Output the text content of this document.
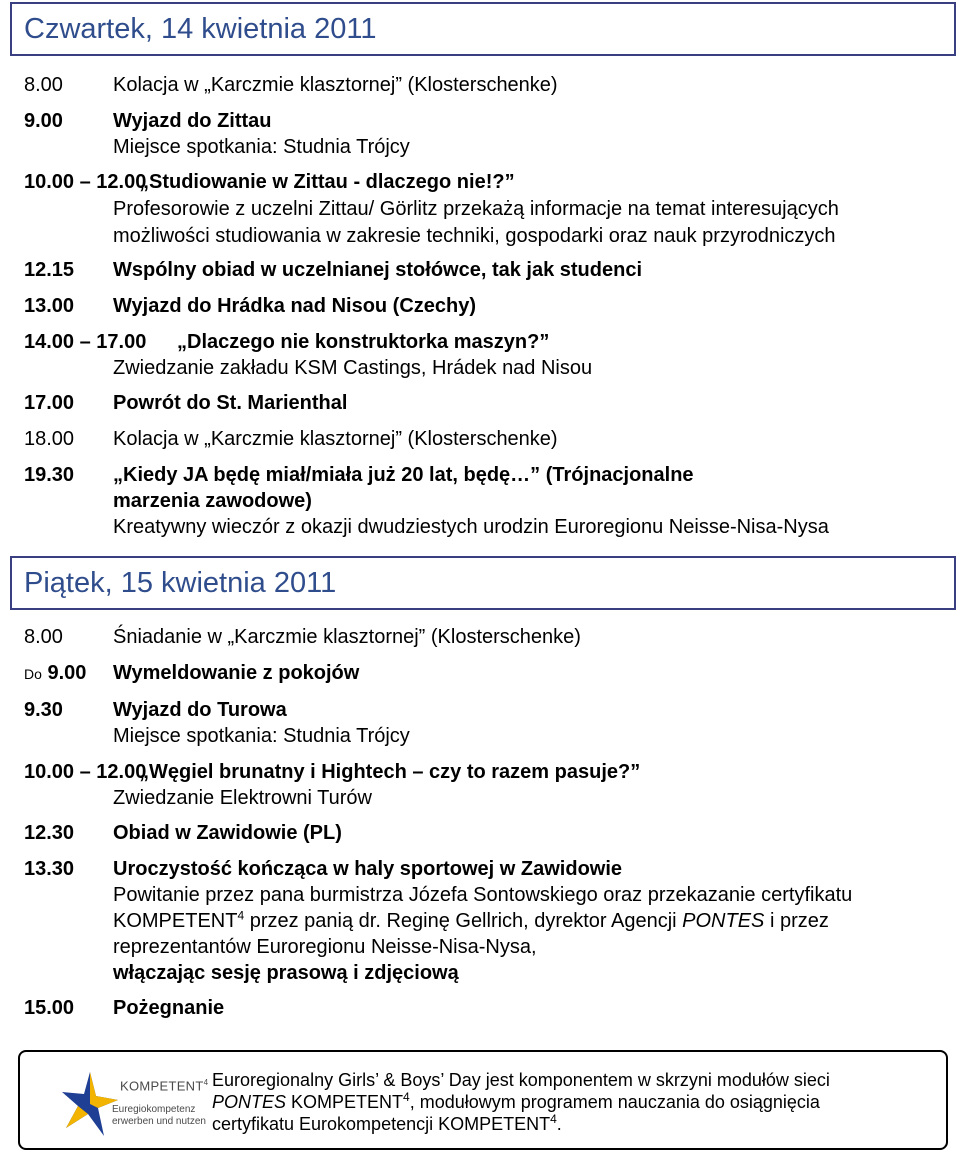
Czwartek, 14 kwietnia 2011
8.00	Kolacja w „Karczmie klasztornej” (Klosterschenke)
9.00	Wyjazd do Zittau
Miejsce spotkania: Studnia Trójcy
10.00 – 12.00
„Studiowanie w Zittau - dlaczego nie!?”
Profesorowie z uczelni Zittau/ Görlitz przekażą informacje na temat interesujących
możliwości studiowania w zakresie techniki, gospodarki oraz nauk przyrodniczych
12.15 Wspólny obiad w uczelnianej stołówce, tak jak studenci
13.00 Wyjazd do Hrádka nad Nisou (Czechy)
14.00 – 17.00 „Dlaczego nie konstruktorka maszyn?”
Zwiedzanie zakładu KSM Castings, Hrádek nad Nisou
17.00 Powrót do St. Marienthal
18.00 Kolacja w „Karczmie klasztornej” (Klosterschenke)
19.30 „Kiedy JA będę miał/miała już 20 lat, będę…” (Trójnacjonalne
marzenia zawodowe)
Kreatywny wieczór z okazji dwudziestych urodzin Euroregionu Neisse-Nisa-Nysa
Piątek, 15 kwietnia 2011
8.00	Śniadanie w „Karczmie klasztornej” (Klosterschenke)
Do 9.00 Wymeldowanie z pokojów
9.30	Wyjazd do Turowa
Miejsce spotkania: Studnia Trójcy
10.00 – 12.00
„Węgiel brunatny i Hightech – czy to razem pasuje?”
Zwiedzanie Elektrowni Turów
12.30 Obiad w Zawidowie (PL)
13.30 Uroczystość kończąca w haly sportowej w Zawidowie
Powitanie przez pana burmistrza Józefa Sontowskiego oraz przekazanie certyfikatu
KOMPETENT$^4$ przez panią dr. Reginę Gellrich, dyrektor Agencji PONTES i przez
reprezentantów Euroregionu Neisse-Nisa-Nysa,
włączając sesję prasową i zdjęciową
15.00 Pożegnanie
KOMPETENT$^4$
Euregiokompetenz
erwerben und nutzen
Euroregionalny Girls’ & Boys’ Day jest komponentem w skrzyni modułów sieci
PONTES KOMPETENT$^4$, modułowym programem nauczania do osiągnięcia
certyfikatu Eurokompetencji KOMPETENT$^4$.
